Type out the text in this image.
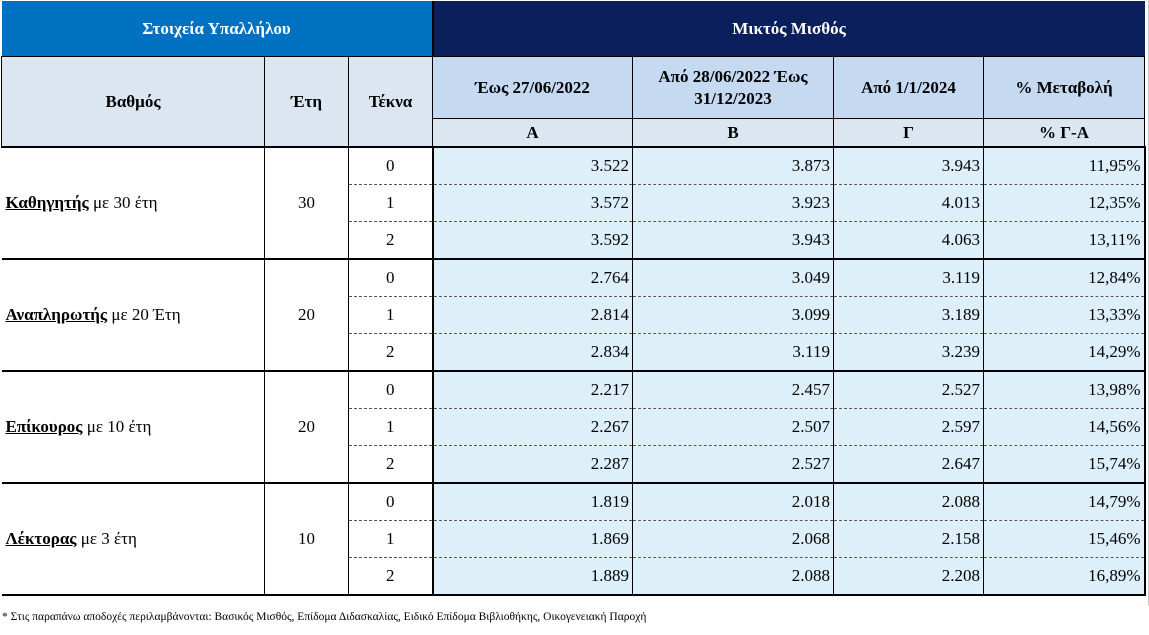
Στοιχεία Υπαλλήλου			Μικτός Μισθός			
Βαθμός	Έτη	Τέκνα	Έως 27/06/2022	Από 28/06/2022 Έως 31/12/2023	Από 1/1/2024	% Μεταβολή

			Α	Β	Γ	% Γ-Α
Καθηγητής με 30 έτη	30	0	3.522	3.873	3.943	11,95%
		1	3.572	3.923	4.013	12,35%
		2	3.592	3.943	4.063	13,11%
Αναπληρωτής με 20 Έτη	20	0	2.764	3.049	3.119	12,84%
		1	2.814	3.099	3.189	13,33%
		2	2.834	3.119	3.239	14,29%
Επίκουρος με 10 έτη	20	0	2.217	2.457	2.527	13,98%
		1	2.267	2.507	2.597	14,56%
		2	2.287	2.527	2.647	15,74%
Λέκτορας με 3 έτη	10	0	1.819	2.018	2.088	14,79%
		1	1.869	2.068	2.158	15,46%
		2	1.889	2.088	2.208	16,89%
* Στις παραπάνω αποδοχές περιλαμβάνονται: Βασικός Μισθός, Επίδομα Διδασκαλίας, Ειδικό Επίδομα Βιβλιοθήκης, Οικογενειακή Παροχή
